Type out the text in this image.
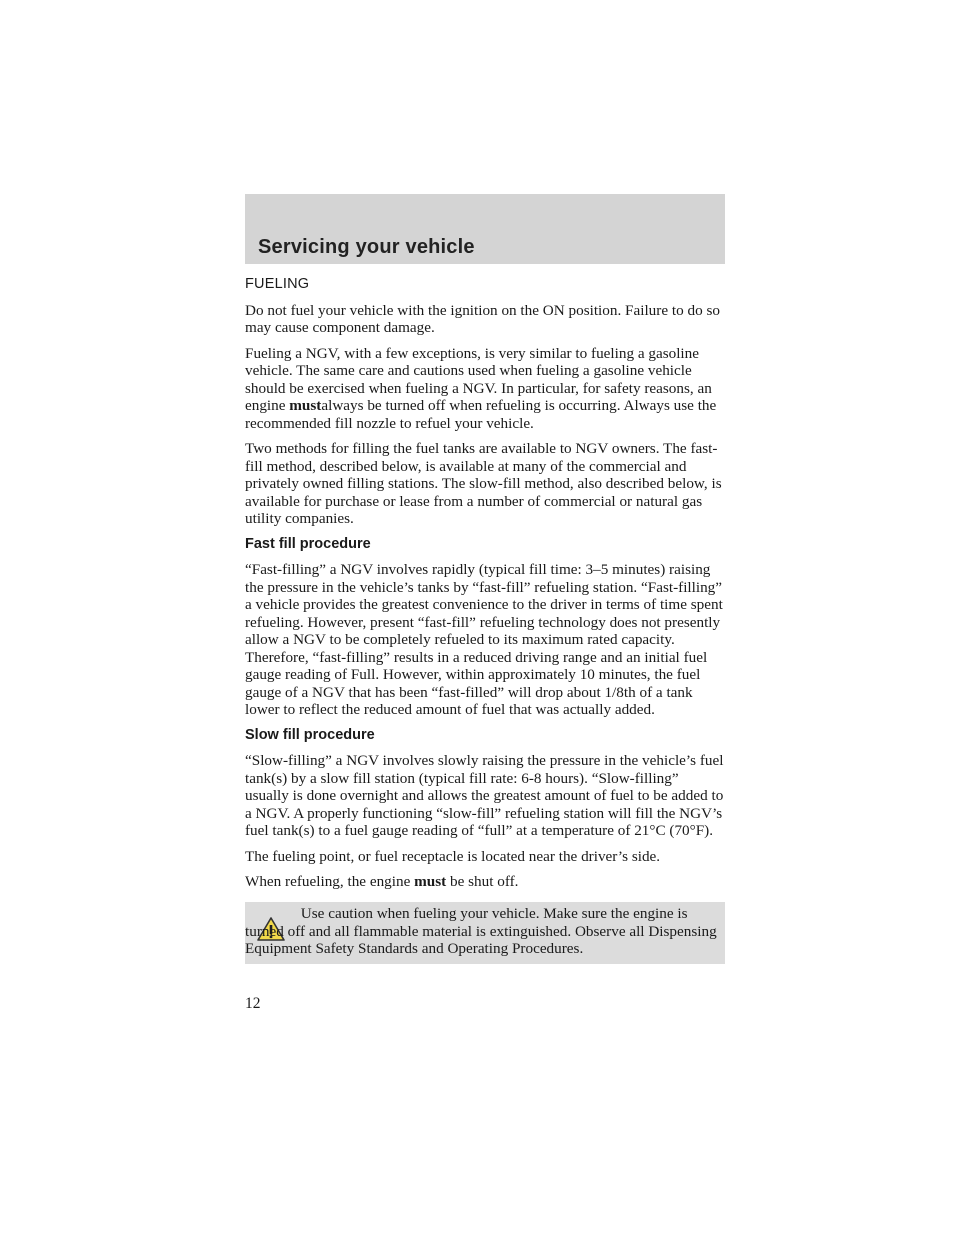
Servicing your vehicle

FUELING

Do not fuel your vehicle with the ignition on the ON position. Failure to do so may cause component damage.

Fueling a NGV, with a few exceptions, is very similar to fueling a gasoline vehicle. The same care and cautions used when fueling a gasoline vehicle should be exercised when fueling a NGV. In particular, for safety reasons, an engine mustalways be turned off when refueling is occurring. Always use the recommended fill nozzle to refuel your vehicle.

Two methods for filling the fuel tanks are available to NGV owners. The fast-fill method, described below, is available at many of the commercial and privately owned filling stations. The slow-fill method, also described below, is available for purchase or lease from a number of commercial or natural gas utility companies.

Fast fill procedure

“Fast-filling” a NGV involves rapidly (typical fill time: 3–5 minutes) raising the pressure in the vehicle’s tanks by “fast-fill” refueling station. “Fast-filling” a vehicle provides the greatest convenience to the driver in terms of time spent refueling. However, present “fast-fill” refueling technology does not presently allow a NGV to be completely refueled to its maximum rated capacity. Therefore, “fast-filling” results in a reduced driving range and an initial fuel gauge reading of Full. However, within approximately 10 minutes, the fuel gauge of a NGV that has been “fast-filled” will drop about 1/8th of a tank lower to reflect the reduced amount of fuel that was actually added.

Slow fill procedure

“Slow-filling” a NGV involves slowly raising the pressure in the vehicle’s fuel tank(s) by a slow fill station (typical fill rate: 6-8 hours). “Slow-filling” usually is done overnight and allows the greatest amount of fuel to be added to a NGV. A properly functioning “slow-fill” refueling station will fill the NGV’s fuel tank(s) to a fuel gauge reading of “full” at a temperature of 21°C (70°F).

The fueling point, or fuel receptacle is located near the driver’s side.

When refueling, the engine must be shut off.

Use caution when fueling your vehicle. Make sure the engine is turned off and all flammable material is extinguished. Observe all Dispensing Equipment Safety Standards and Operating Procedures.
12
